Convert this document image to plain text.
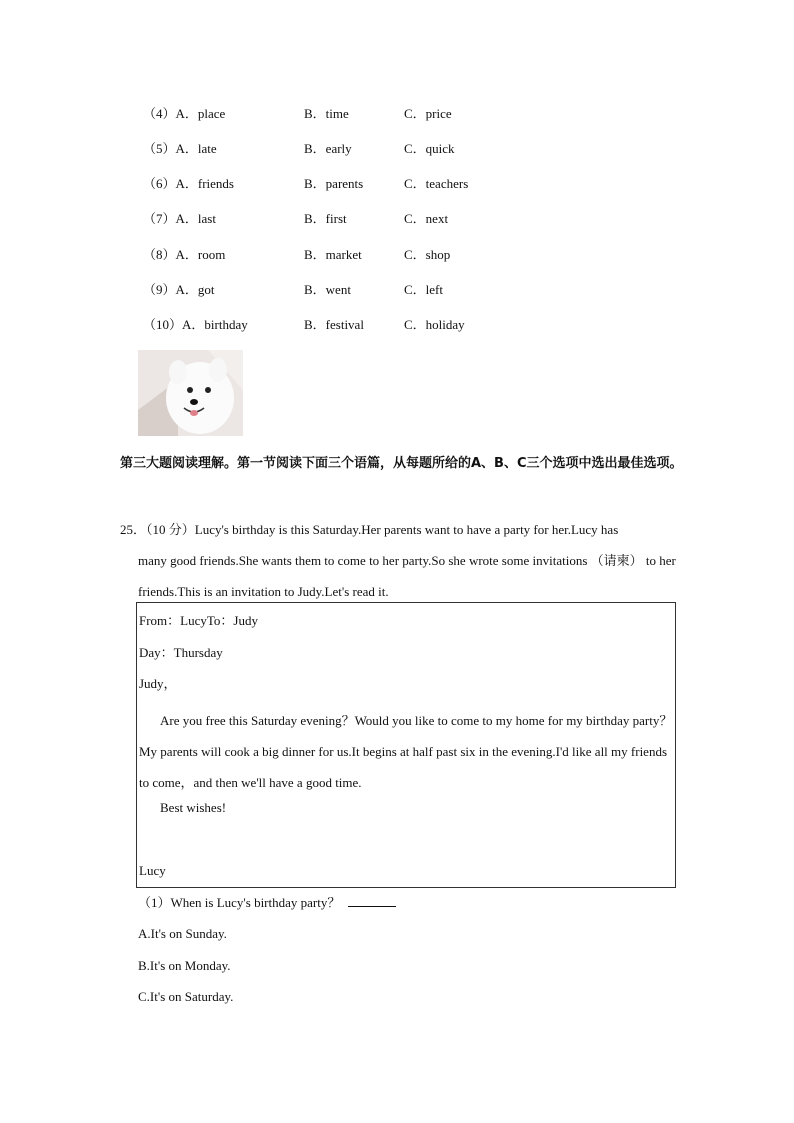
（4）A．place	B．time	C．price
（5）A．late	B．early	C．quick
（6）A．friends	B．parents	C．teachers
（7）A．last	B．first	C．next
（8）A．room	B．market	C．shop
（9）A．got	B．went	C．left
（10）A．birthday	B．festival	C．holiday
第三大题阅读理解。第一节阅读下面三个语篇，从每题所给的A、B、C三个选项中选出最佳选项。
25．（10 分）Lucy's birthday is this Saturday.Her parents want to have a party for her.Lucy has
many good friends.She wants them to come to her party.So she wrote some invitations （请柬） to her friends.This is an invitation to Judy.Let's read it.
From：LucyTo：Judy
Day：Thursday
Judy，
Are you free this Saturday evening？Would you like to come to my home for my birthday party？My parents will cook a big dinner for us.It begins at half past six in the evening.I'd like all my friends to come，and then we'll have a good time.
Best wishes!
Lucy
（1）When is Lucy's birthday party？
A.It's on Sunday.
B.It's on Monday.
C.It's on Saturday.
